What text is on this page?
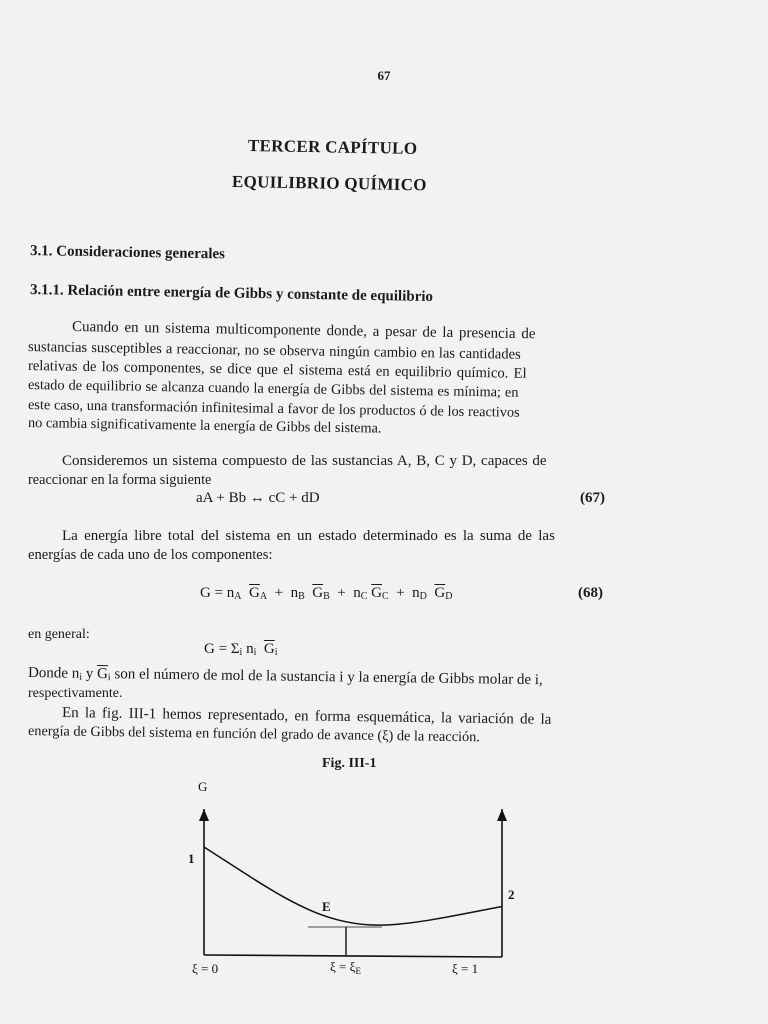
67
TERCER CAPÍTULO
EQUILIBRIO QUÍMICO
3.1. Consideraciones generales
3.1.1. Relación entre energía de Gibbs y constante de equilibrio
Cuando en un sistema multicomponente donde, a pesar de la presencia de
sustancias susceptibles a reaccionar, no se observa ningún cambio en las cantidades
relativas de los componentes, se dice que el sistema está en equilibrio químico. El
estado de equilibrio se alcanza cuando la energía de Gibbs del sistema es mínima; en
este caso, una transformación infinitesimal a favor de los productos ó de los reactivos
no cambia significativamente la energía de Gibbs del sistema.
Consideremos un sistema compuesto de las sustancias A, B, C y D, capaces de
reaccionar en la forma siguiente
aA + Bb ↔ cC + dD	(67)
La energía libre total del sistema en un estado determinado es la suma de las
energías de cada uno de los componentes:
$G = n_A$ $\overline{G}_A + n_B$ $\overline{G}_B + n_C$ $\overline{G}_C + n_D$ $\overline{G}_D$	(68)
en general:
$G = \Sigma_i$ $n_i$ $\overline{G}_i$
Donde $n_i$ y $\overline{G}_i$ son el número de mol de la sustancia i y la energía de Gibbs molar de i,
respectivamente.
En la fig. III-1 hemos representado, en forma esquemática, la variación de la
energía de Gibbs del sistema en función del grado de avance (ξ) de la reacción.
Fig. III-1
G
1
2
E
ξ = 0	$\xi = \xi_E$	ξ = 1
